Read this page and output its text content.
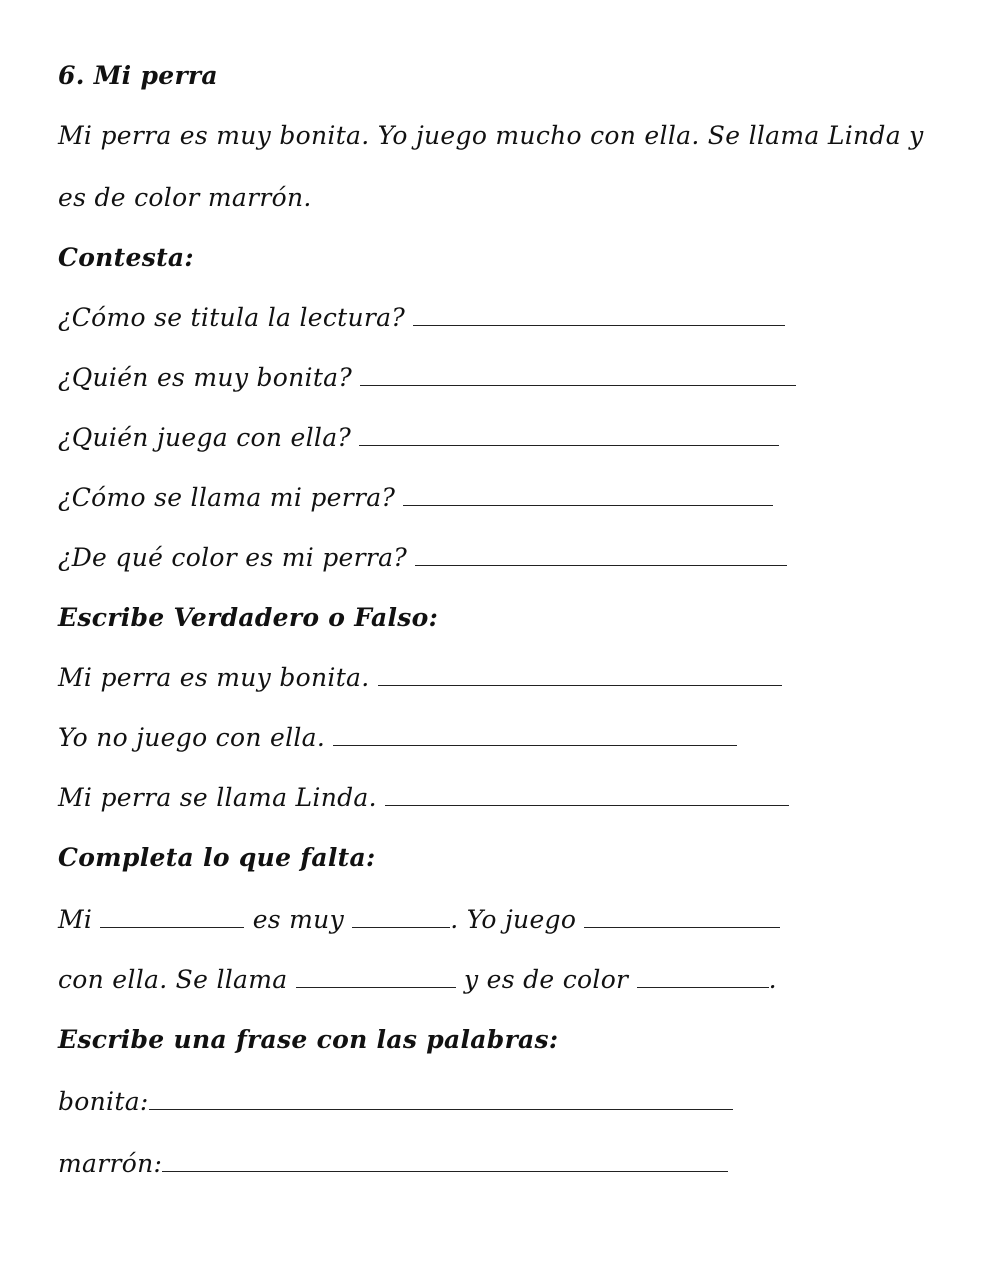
6. Mi perra
Mi perra es muy bonita. Yo juego mucho con ella. Se llama Linda y
es de color marrón.
Contesta:
¿Cómo se titula la lectura?
¿Quién es muy bonita?
¿Quién juega con ella?
¿Cómo se llama mi perra?
¿De qué color es mi perra?
Escribe Verdadero o Falso:
Mi perra es muy bonita.
Yo no juego con ella.
Mi perra se llama Linda.
Completa lo que falta:
Mi	es muy	. Yo juego
con ella. Se llama	y es de color	.
Escribe una frase con las palabras:
bonita:
marrón:
